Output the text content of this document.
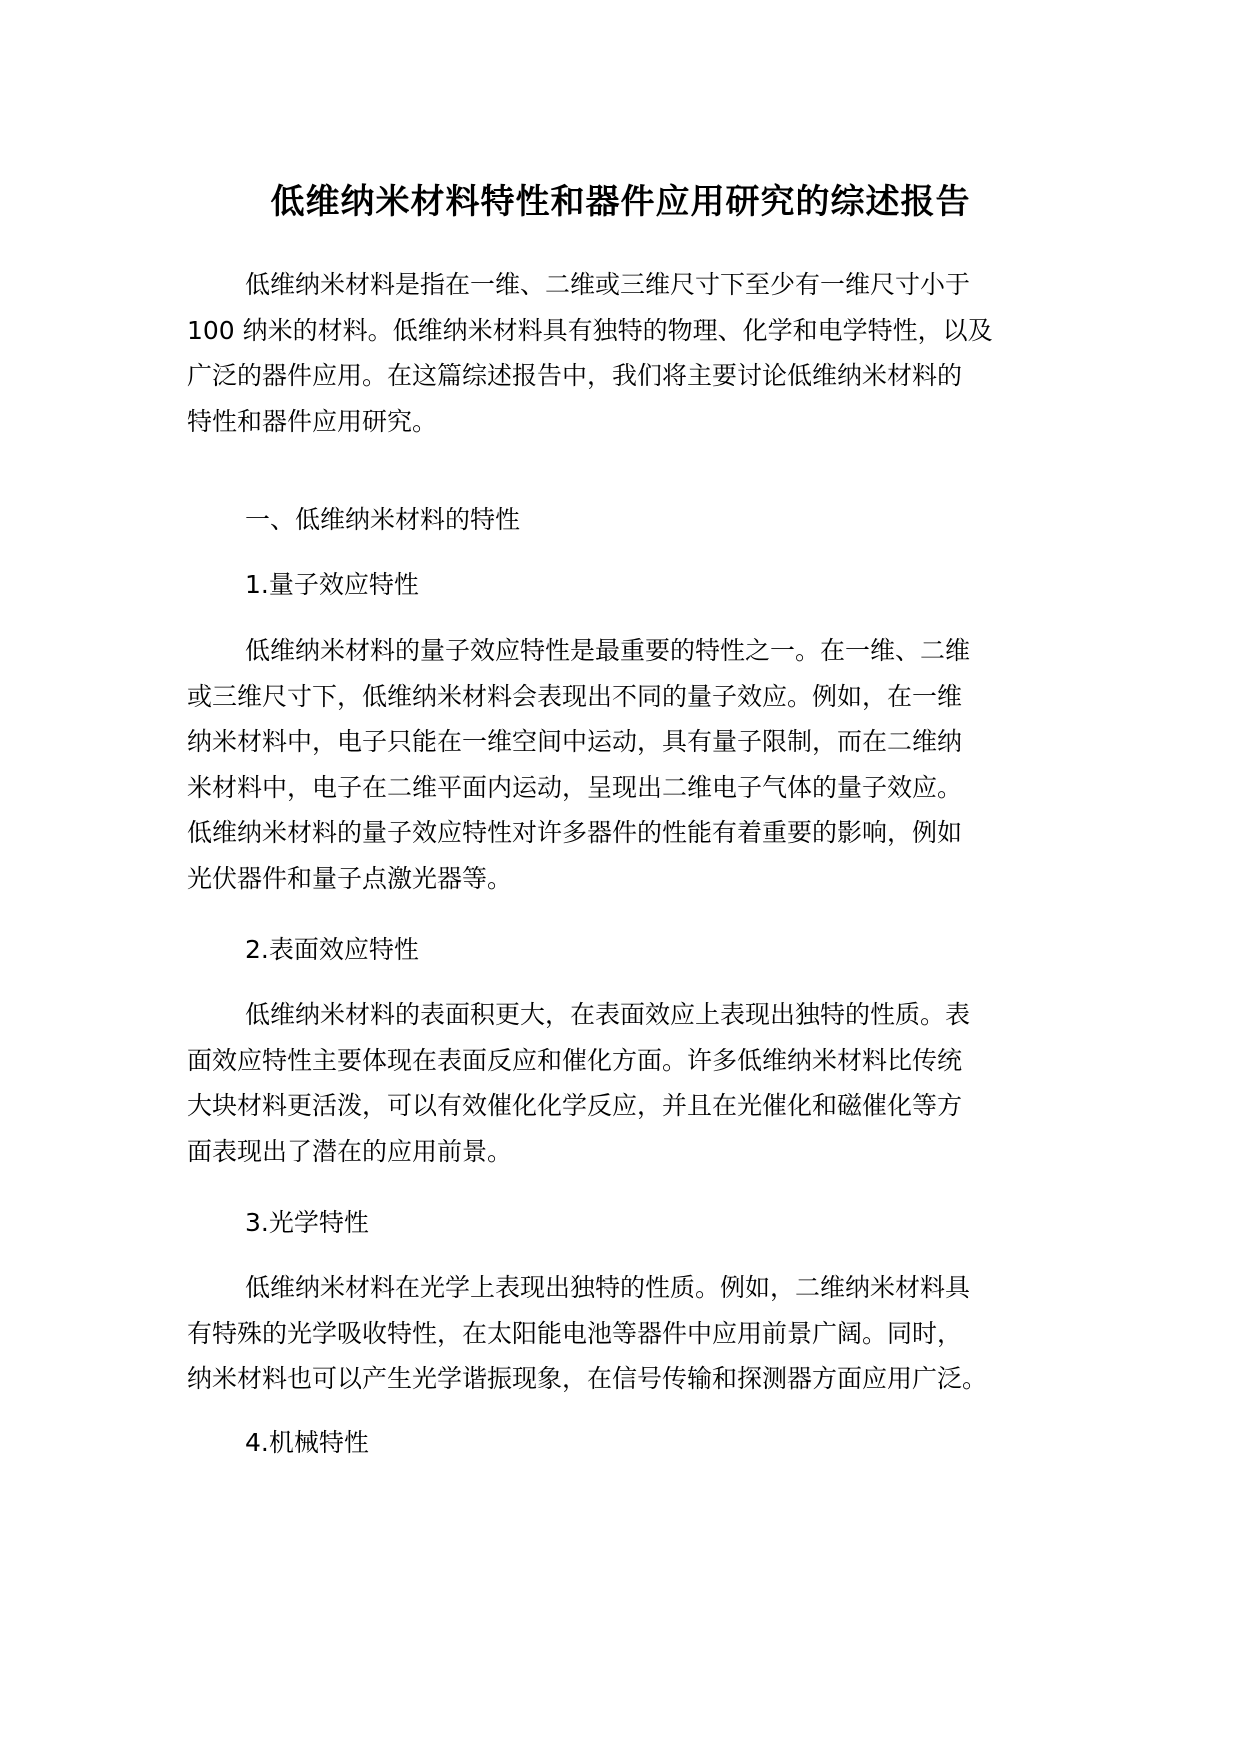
低维纳米材料特性和器件应用研究的综述报告

低维纳米材料是指在一维、二维或三维尺寸下至少有一维尺寸小于
100 纳米的材料。低维纳米材料具有独特的物理、化学和电学特性，以及
广泛的器件应用。在这篇综述报告中，我们将主要讨论低维纳米材料的
特性和器件应用研究。

一、低维纳米材料的特性

1.量子效应特性

低维纳米材料的量子效应特性是最重要的特性之一。在一维、二维
或三维尺寸下，低维纳米材料会表现出不同的量子效应。例如，在一维
纳米材料中，电子只能在一维空间中运动，具有量子限制，而在二维纳
米材料中，电子在二维平面内运动，呈现出二维电子气体的量子效应。
低维纳米材料的量子效应特性对许多器件的性能有着重要的影响，例如
光伏器件和量子点激光器等。

2.表面效应特性

低维纳米材料的表面积更大，在表面效应上表现出独特的性质。表
面效应特性主要体现在表面反应和催化方面。许多低维纳米材料比传统
大块材料更活泼，可以有效催化化学反应，并且在光催化和磁催化等方
面表现出了潜在的应用前景。

3.光学特性

低维纳米材料在光学上表现出独特的性质。例如，二维纳米材料具
有特殊的光学吸收特性，在太阳能电池等器件中应用前景广阔。同时，
纳米材料也可以产生光学谐振现象，在信号传输和探测器方面应用广泛。

4.机械特性
